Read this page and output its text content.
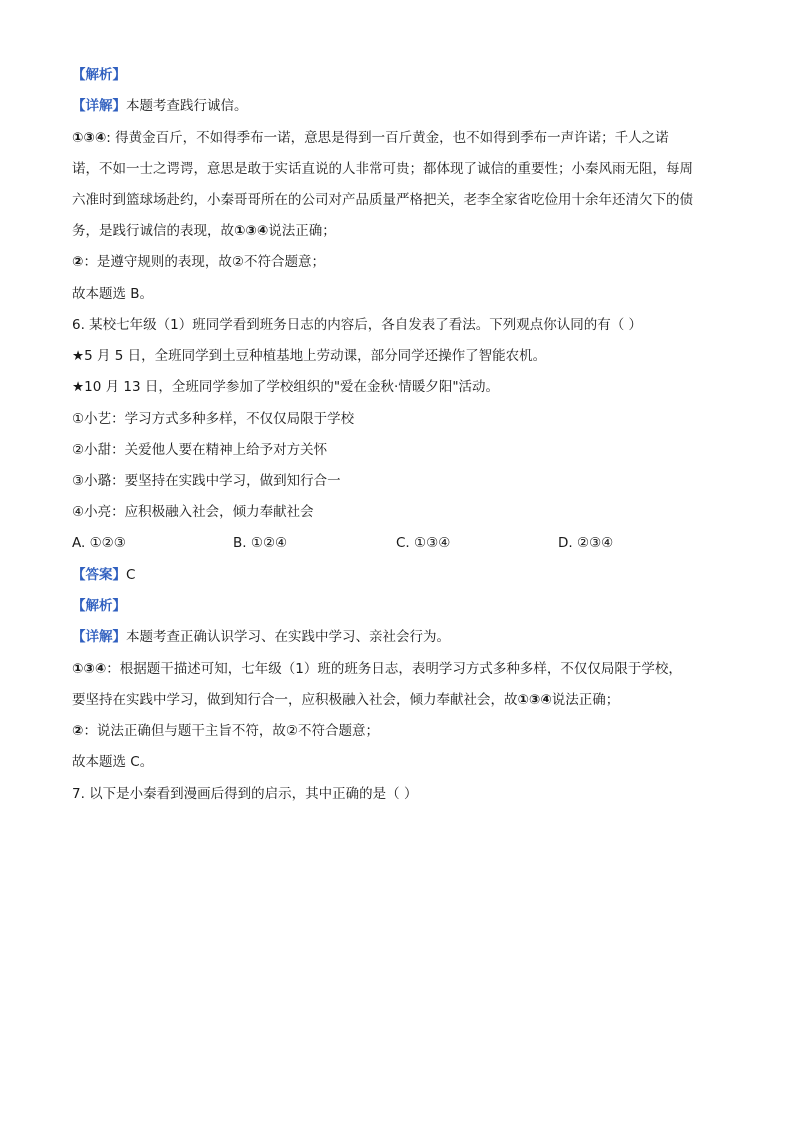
【解析】
【详解】本题考查践行诚信。
①③④: 得黄金百斤，不如得季布一诺，意思是得到一百斤黄金，也不如得到季布一声许诺；千人之诺
诺，不如一士之谔谔，意思是敢于实话直说的人非常可贵；都体现了诚信的重要性；小秦风雨无阻，每周
六准时到篮球场赴约，小秦哥哥所在的公司对产品质量严格把关，老李全家省吃俭用十余年还清欠下的债
务，是践行诚信的表现，故①③④说法正确；
②：是遵守规则的表现，故②不符合题意；
故本题选 B。
6. 某校七年级（1）班同学看到班务日志的内容后，各自发表了看法。下列观点你认同的有（ ）
★5 月 5 日，全班同学到土豆种植基地上劳动课，部分同学还操作了智能农机。
★10 月 13 日，全班同学参加了学校组织的"爱在金秋·情暖夕阳"活动。
①小艺：学习方式多种多样，不仅仅局限于学校
②小甜：关爱他人要在精神上给予对方关怀
③小璐：要坚持在实践中学习，做到知行合一
④小亮：应积极融入社会，倾力奉献社会
A. ①②③	B. ①②④	C. ①③④	D. ②③④
【答案】C
【解析】
【详解】本题考查正确认识学习、在实践中学习、亲社会行为。
①③④：根据题干描述可知，七年级（1）班的班务日志，表明学习方式多种多样，不仅仅局限于学校，
要坚持在实践中学习，做到知行合一，应积极融入社会，倾力奉献社会，故①③④说法正确；
②：说法正确但与题干主旨不符，故②不符合题意；
故本题选 C。
7. 以下是小秦看到漫画后得到的启示，其中正确的是（ ）
